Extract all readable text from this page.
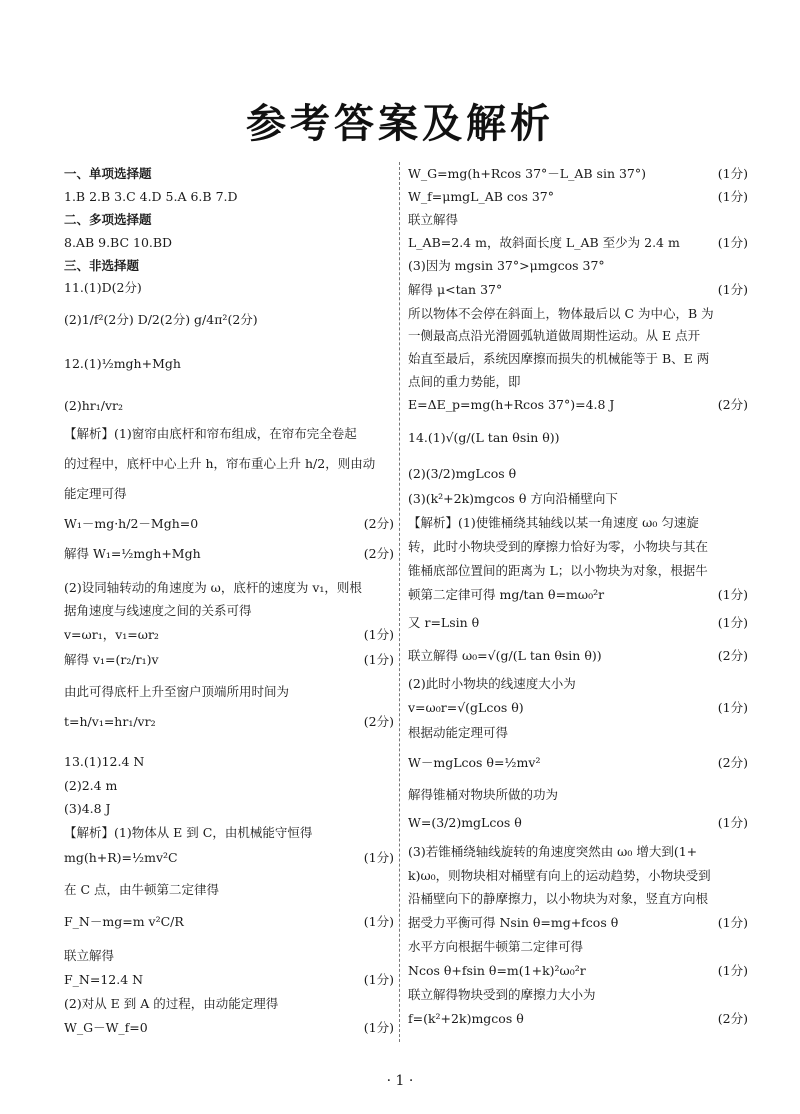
参考答案及解析
一、单项选择题
1.B 2.B 3.C 4.D 5.A 6.B 7.D
二、多项选择题
8.AB 9.BC 10.BD
三、非选择题
11.(1)D(2分)
(2)1/f²(2分) D/2(2分) g/4π²(2分)
12.(1)½mgh+Mgh
(2)hr₁/vr₂
【解析】(1)窗帘由底杆和帘布组成，在帘布完全卷起
的过程中，底杆中心上升 h，帘布重心上升 h/2，则由动
能定理可得
W₁－mg·h/2－Mgh=0	(2分)
解得 W₁=½mgh+Mgh	(2分)
(2)设同轴转动的角速度为 ω，底杆的速度为 v₁，则根
据角速度与线速度之间的关系可得
v=ωr₁，v₁=ωr₂	(1分)
解得 v₁=(r₂/r₁)v	(1分)
由此可得底杆上升至窗户顶端所用时间为
t=h/v₁=hr₁/vr₂	(2分)
13.(1)12.4 N
(2)2.4 m
(3)4.8 J
【解析】(1)物体从 E 到 C，由机械能守恒得
mg(h+R)=½mv²C	(1分)
在 C 点，由牛顿第二定律得
F_N－mg=m v²C/R	(1分)
联立解得
F_N=12.4 N	(1分)
(2)对从 E 到 A 的过程，由动能定理得
W_G－W_f=0	(1分)
W_G=mg(h+Rcos 37°－L_AB sin 37°)	(1分)
W_f=μmgL_AB cos 37°	(1分)
联立解得
L_AB=2.4 m，故斜面长度 L_AB 至少为 2.4 m	(1分)
(3)因为 mgsin 37°>μmgcos 37°
解得 μ<tan 37°	(1分)
所以物体不会停在斜面上，物体最后以 C 为中心，B 为
一侧最高点沿光滑圆弧轨道做周期性运动。从 E 点开
始直至最后，系统因摩擦而损失的机械能等于 B、E 两
点间的重力势能，即
E=ΔE_p=mg(h+Rcos 37°)=4.8 J	(2分)
14.(1)√(g/(L tan θsin θ))
(2)(3/2)mgLcos θ
(3)(k²+2k)mgcos θ 方向沿桶壁向下
【解析】(1)使锥桶绕其轴线以某一角速度 ω₀ 匀速旋
转，此时小物块受到的摩擦力恰好为零，小物块与其在
锥桶底部位置间的距离为 L；以小物块为对象，根据牛
顿第二定律可得 mg/tan θ=mω₀²r	(1分)
又 r=Lsin θ	(1分)
联立解得 ω₀=√(g/(L tan θsin θ))	(2分)
(2)此时小物块的线速度大小为
v=ω₀r=√(gLcos θ)	(1分)
根据动能定理可得
W－mgLcos θ=½mv²	(2分)
解得锥桶对物块所做的功为
W=(3/2)mgLcos θ	(1分)
(3)若锥桶绕轴线旋转的角速度突然由 ω₀ 增大到(1+
k)ω₀，则物块相对桶壁有向上的运动趋势，小物块受到
沿桶壁向下的静摩擦力，以小物块为对象，竖直方向根
据受力平衡可得 Nsin θ=mg+fcos θ	(1分)
水平方向根据牛顿第二定律可得
Ncos θ+fsin θ=m(1+k)²ω₀²r	(1分)
联立解得物块受到的摩擦力大小为
f=(k²+2k)mgcos θ	(2分)
· 1 ·
